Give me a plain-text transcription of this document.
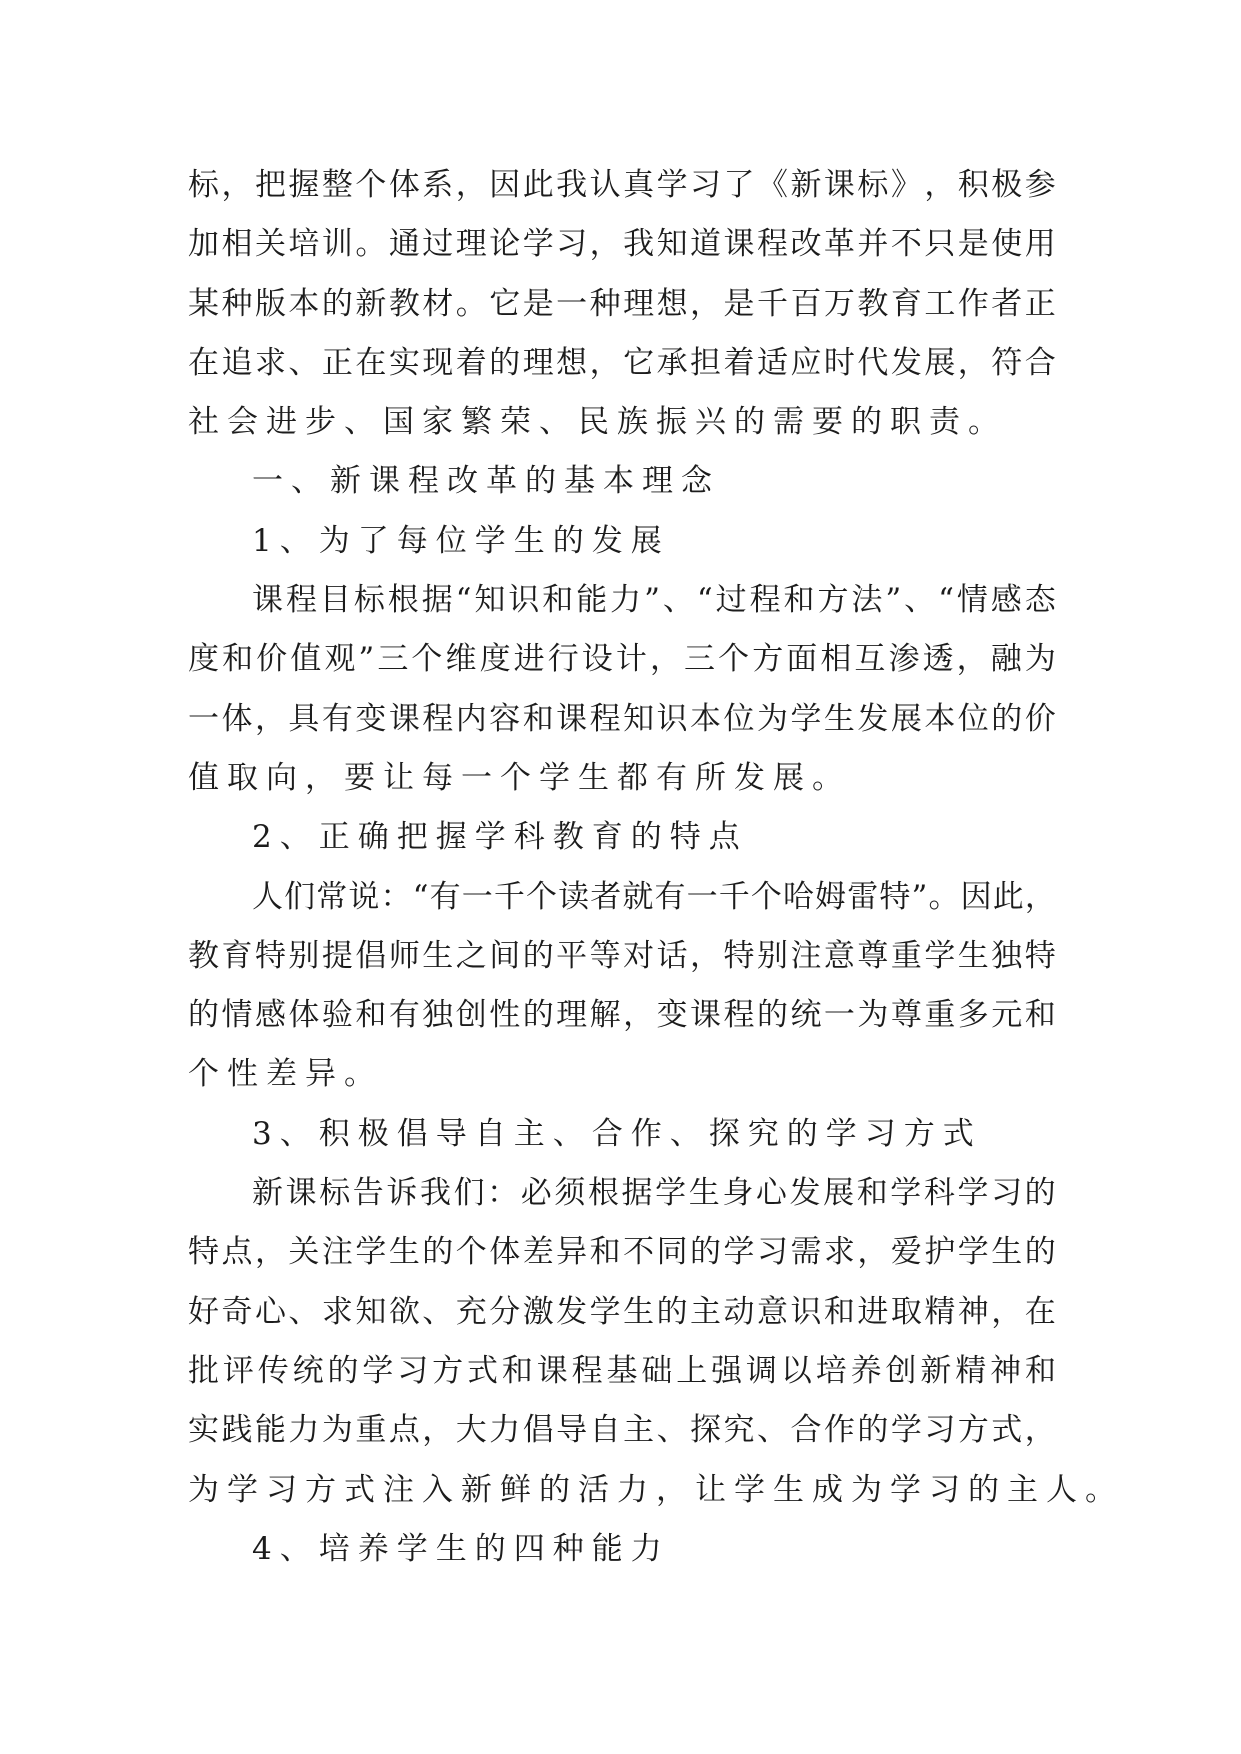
标 ， 把 握 整 个 体 系 ， 因 此 我 认 真 学 习 了 《 新 课 标 》 ， 积 极 参
加 相 关 培 训 。 通 过 理 论 学 习 ， 我 知 道 课 程 改 革 并 不 只 是 使 用
某 种 版 本 的 新 教 材 。 它 是 一 种 理 想 ， 是 千 百 万 教 育 工 作 者 正
在 追 求 、 正 在 实 现 着 的 理 想 ， 它 承 担 着 适 应 时 代 发 展 ， 符 合
社会进步、国家繁荣、民族振兴的需要的职责。
一、新课程改革的基本理念
1、为了每位学生的发展
课 程 目 标 根 据 “ 知 识 和 能 力 ” 、 “ 过 程 和 方 法 ” 、 “ 情 感 态
度 和 价 值 观 ” 三 个 维 度 进 行 设 计 ， 三 个 方 面 相 互 渗 透 ， 融 为
一 体 ， 具 有 变 课 程 内 容 和 课 程 知 识 本 位 为 学 生 发 展 本 位 的 价
值取向，要让每一个学生都有所发展。
2、正确把握学科教育的特点
人 们 常 说 ： “ 有 一 千 个 读 者 就 有 一 千 个 哈 姆 雷 特 ” 。 因 此 ，
教 育 特 别 提 倡 师 生 之 间 的 平 等 对 话 ， 特 别 注 意 尊 重 学 生 独 特
的 情 感 体 验 和 有 独 创 性 的 理 解 ， 变 课 程 的 统 一 为 尊 重 多 元 和
个性差异。
3、积极倡导自主、合作、探究的学习方式
新 课 标 告 诉 我 们 ： 必 须 根 据 学 生 身 心 发 展 和 学 科 学 习 的
特 点 ， 关 注 学 生 的 个 体 差 异 和 不 同 的 学 习 需 求 ， 爱 护 学 生 的
好 奇 心 、 求 知 欲 、 充 分 激 发 学 生 的 主 动 意 识 和 进 取 精 神 ， 在
批 评 传 统 的 学 习 方 式 和 课 程 基 础 上 强 调 以 培 养 创 新 精 神 和
实 践 能 力 为 重 点 ， 大 力 倡 导 自 主 、 探 究 、 合 作 的 学 习 方 式 ，
为学习方式注入新鲜的活力，让学生成为学习的主人。
4、培养学生的四种能力
